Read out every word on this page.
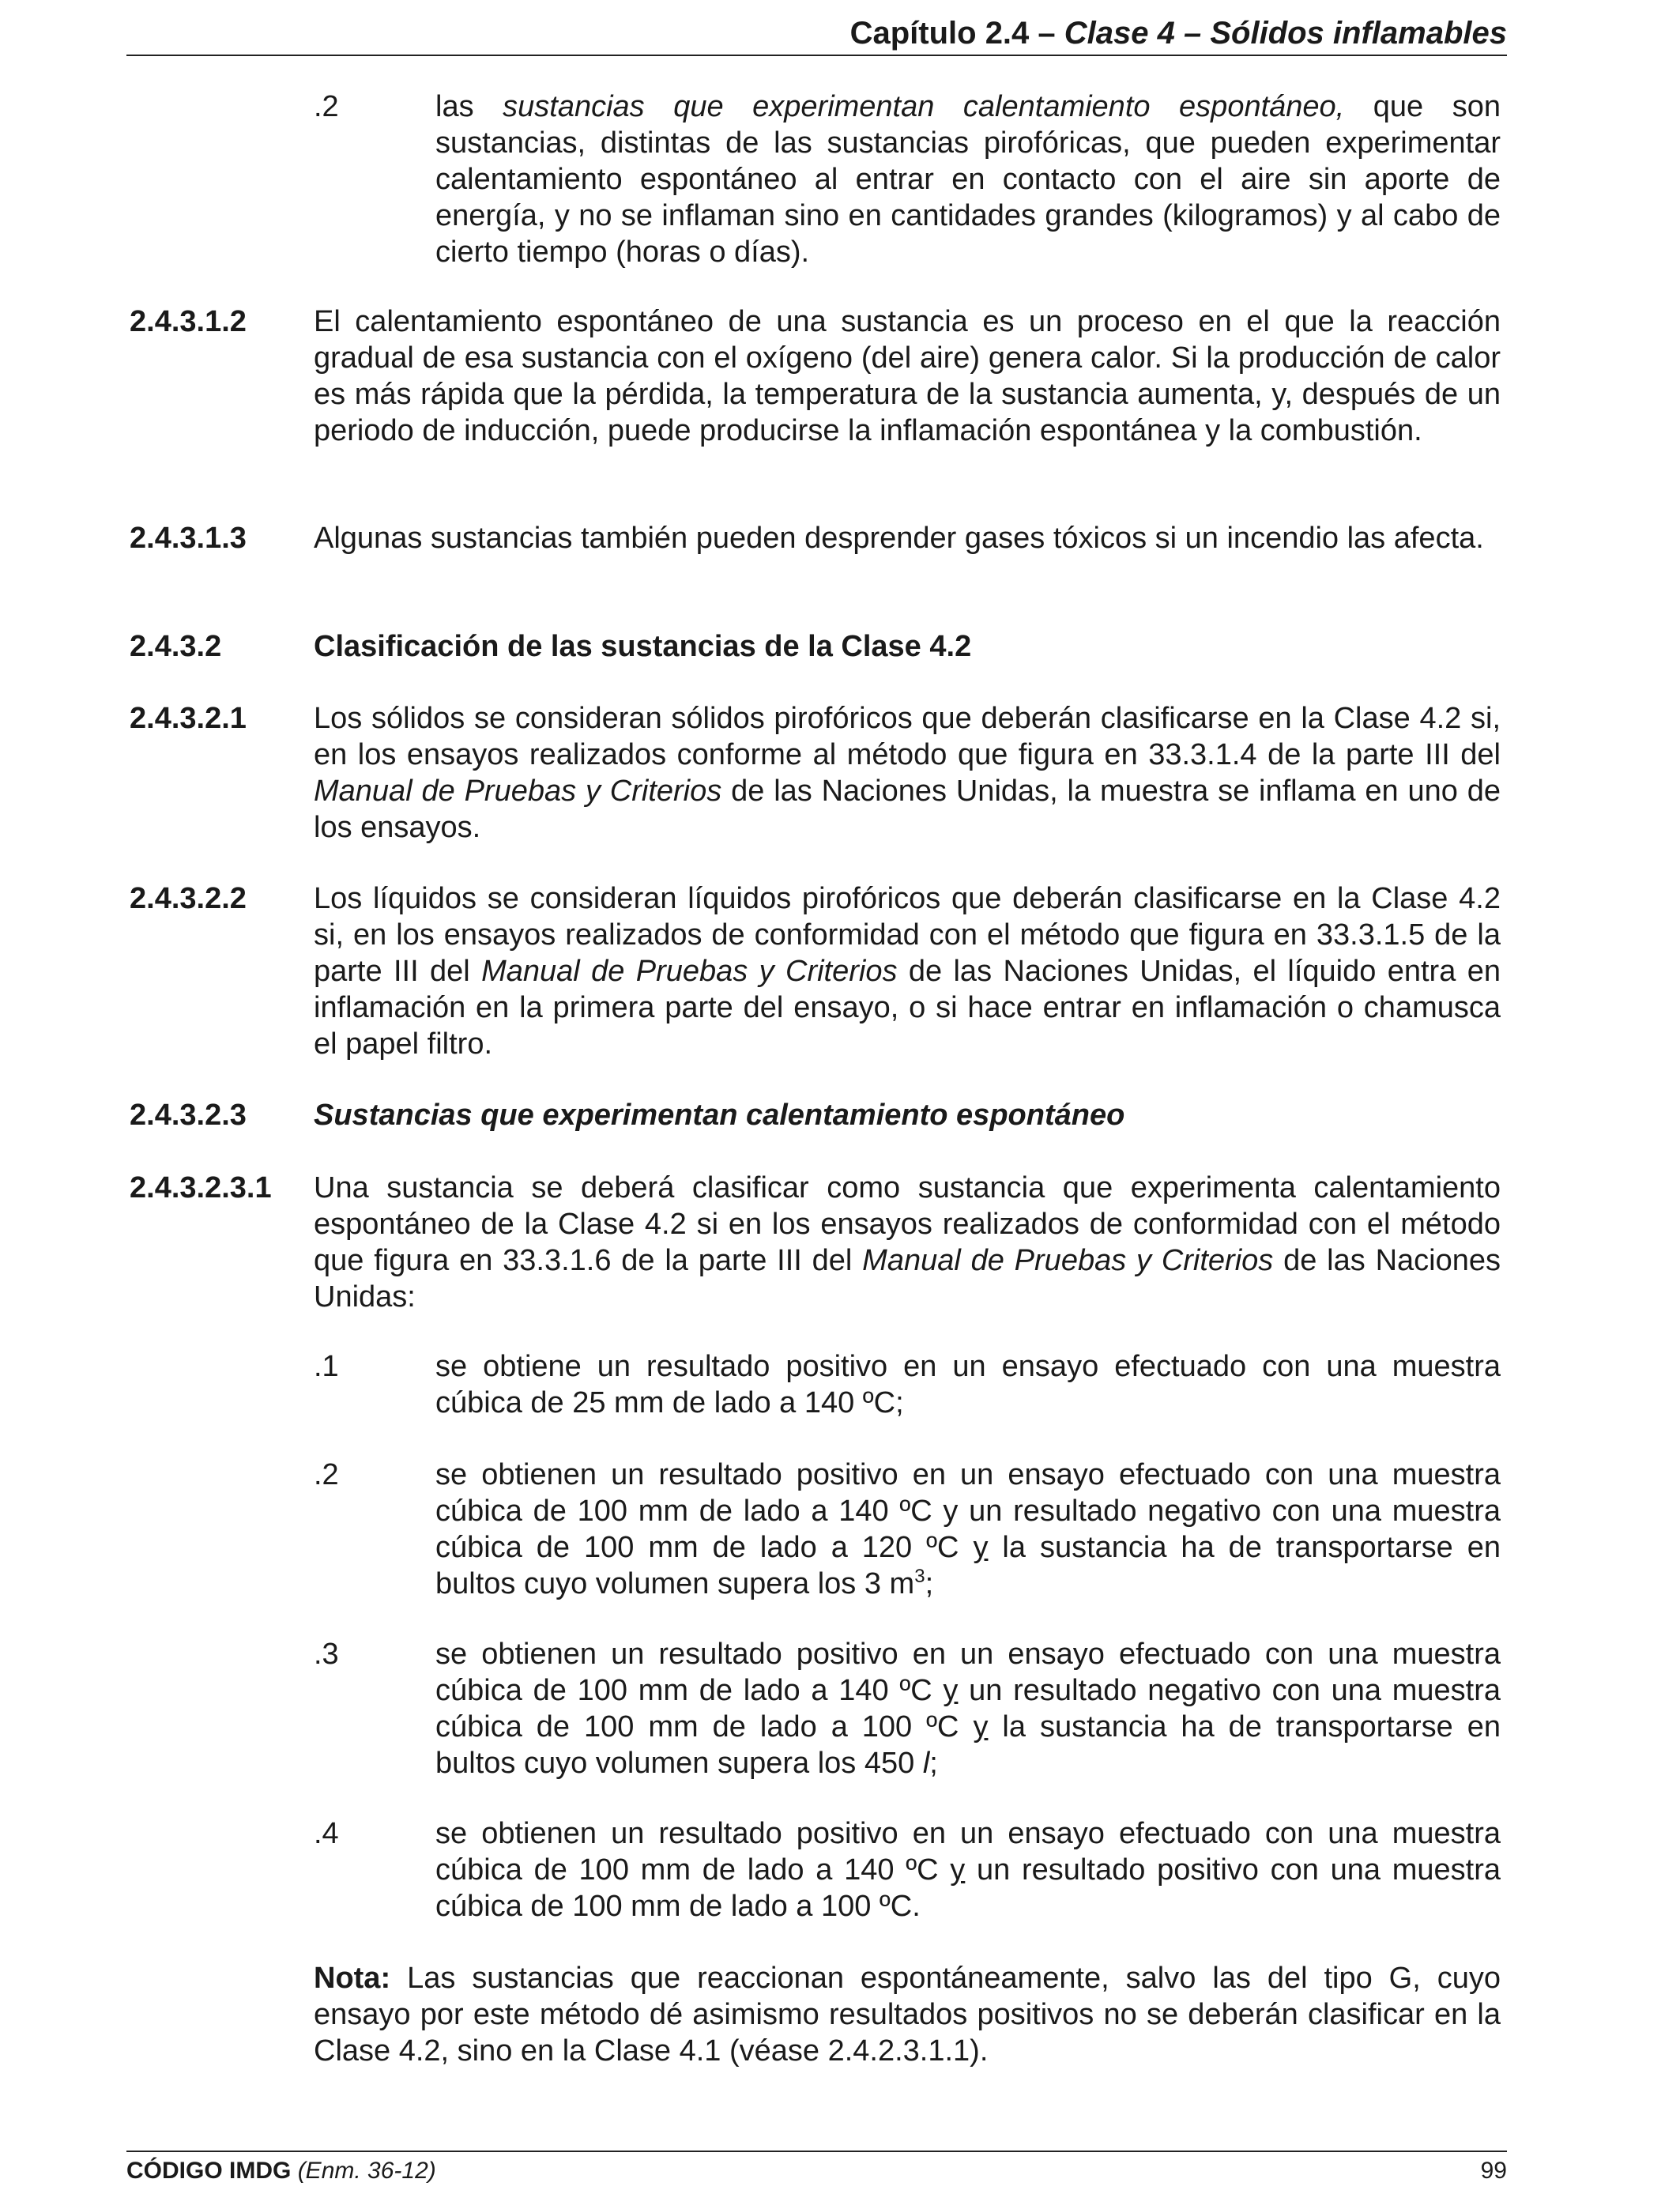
Capítulo 2.4 – Clase 4 – Sólidos inflamables
.2	las sustancias que experimentan calentamiento espontáneo, que son sustancias, distintas de las sustancias pirofóricas, que pueden experimentar calentamiento espontáneo al entrar en contacto con el aire sin aporte de energía, y no se inflaman sino en cantidades grandes (kilogramos) y al cabo de cierto tiempo (horas o días).
2.4.3.1.2 El calentamiento espontáneo de una sustancia es un proceso en el que la reacción gradual de esa sustancia con el oxígeno (del aire) genera calor. Si la producción de calor es más rápida que la pérdida, la temperatura de la sustancia aumenta, y, después de un periodo de inducción, puede producirse la inflamación espontánea y la combustión.
2.4.3.1.3 Algunas sustancias también pueden desprender gases tóxicos si un incendio las afecta.
2.4.3.2	Clasificación de las sustancias de la Clase 4.2
2.4.3.2.1 Los sólidos se consideran sólidos pirofóricos que deberán clasificarse en la Clase 4.2 si, en los ensayos realizados conforme al método que figura en 33.3.1.4 de la parte III del Manual de Pruebas y Criterios de las Naciones Unidas, la muestra se inflama en uno de los ensayos.
2.4.3.2.2 Los líquidos se consideran líquidos pirofóricos que deberán clasificarse en la Clase 4.2 si, en los ensayos realizados de conformidad con el método que figura en 33.3.1.5 de la parte III del Manual de Pruebas y Criterios de las Naciones Unidas, el líquido entra en inflamación en la primera parte del ensayo, o si hace entrar en inflamación o chamusca el papel filtro.
2.4.3.2.3 Sustancias que experimentan calentamiento espontáneo
2.4.3.2.3.1 Una sustancia se deberá clasificar como sustancia que experimenta calentamiento espontáneo de la Clase 4.2 si en los ensayos realizados de conformidad con el método que figura en 33.3.1.6 de la parte III del Manual de Pruebas y Criterios de las Naciones Unidas:
.1	se obtiene un resultado positivo en un ensayo efectuado con una muestra cúbica de 25 mm de lado a 140 ºC;
.2	se obtienen un resultado positivo en un ensayo efectuado con una muestra cúbica de 100 mm de lado a 140 ºC y un resultado negativo con una muestra cúbica de 100 mm de lado a 120 ºC y la sustancia ha de transportarse en bultos cuyo volumen supera los 3 $m^3$;
.3	se obtienen un resultado positivo en un ensayo efectuado con una muestra cúbica de 100 mm de lado a 140 ºC y un resultado negativo con una muestra cúbica de 100 mm de lado a 100 ºC y la sustancia ha de transportarse en bultos cuyo volumen supera los 450 l;
.4	se obtienen un resultado positivo en un ensayo efectuado con una muestra cúbica de 100 mm de lado a 140 ºC y un resultado positivo con una muestra cúbica de 100 mm de lado a 100 ºC.
Nota: Las sustancias que reaccionan espontáneamente, salvo las del tipo G, cuyo ensayo por este método dé asimismo resultados positivos no se deberán clasificar en la Clase 4.2, sino en la Clase 4.1 (véase 2.4.2.3.1.1).
CÓDIGO IMDG (Enm. 36-12)	99
